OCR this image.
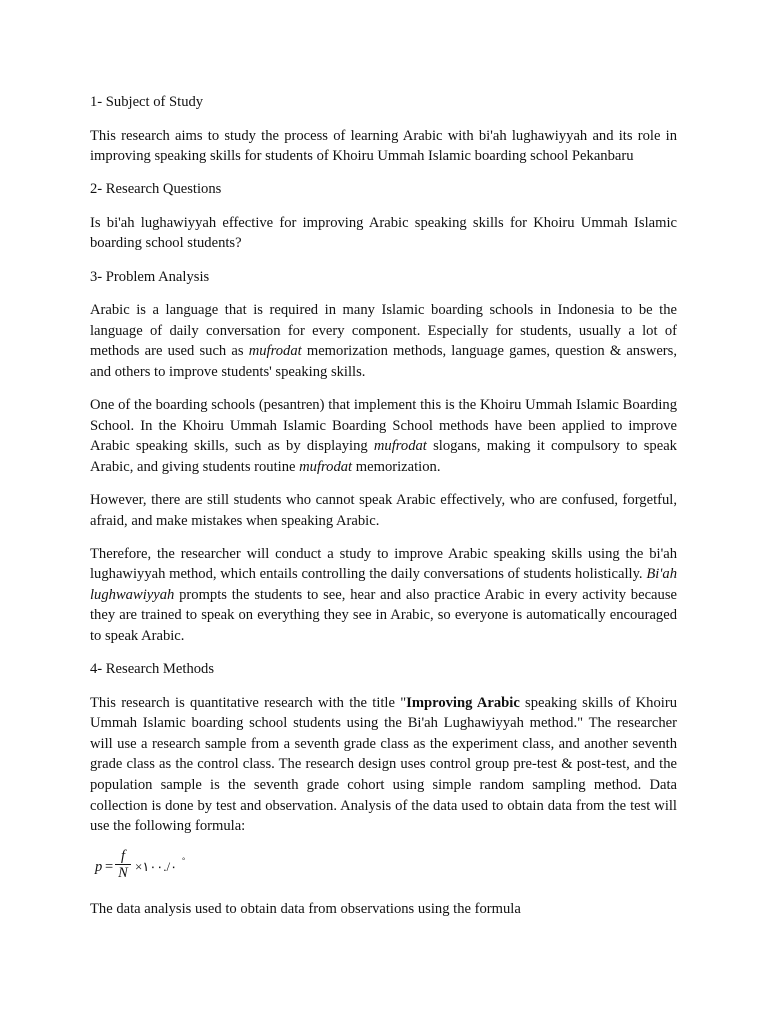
1- Subject of Study

This research aims to study the process of learning Arabic with bi'ah lughawiyyah and its role in improving speaking skills for students of Khoiru Ummah Islamic boarding school Pekanbaru

2- Research Questions

Is bi'ah lughawiyyah effective for improving Arabic speaking skills for Khoiru Ummah Islamic boarding school students?

3- Problem Analysis

Arabic is a language that is required in many Islamic boarding schools in Indonesia to be the language of daily conversation for every component. Especially for students, usually a lot of methods are used such as mufrodat memorization methods, language games, question & answers, and others to improve students' speaking skills.

One of the boarding schools (pesantren) that implement this is the Khoiru Ummah Islamic Boarding School. In the Khoiru Ummah Islamic Boarding School methods have been applied to improve Arabic speaking skills, such as by displaying mufrodat slogans, making it compulsory to speak Arabic, and giving students routine mufrodat memorization.

However, there are still students who cannot speak Arabic effectively, who are confused, forgetful, afraid, and make mistakes when speaking Arabic.

Therefore, the researcher will conduct a study to improve Arabic speaking skills using the bi'ah lughawiyyah method, which entails controlling the daily conversations of students holistically. Bi'ah lughwawiyyah prompts the students to see, hear and also practice Arabic in every activity because they are trained to speak on everything they see in Arabic, so everyone is automatically encouraged to speak Arabic.

4- Research Methods

This research is quantitative research with the title "Improving Arabic speaking skills of Khoiru Ummah Islamic boarding school students using the Bi'ah Lughawiyyah method." The researcher will use a research sample from a seventh grade class as the experiment class, and another seventh grade class as the control class. The research design uses control group pre-test & post-test, and the population sample is the seventh grade cohort using simple random sampling method. Data collection is done by test and observation. Analysis of the data used to obtain data from the test will use the following formula:

$p = \frac{f}{N}$ ×٠/.١٠٠ °

The data analysis used to obtain data from observations using the formula
